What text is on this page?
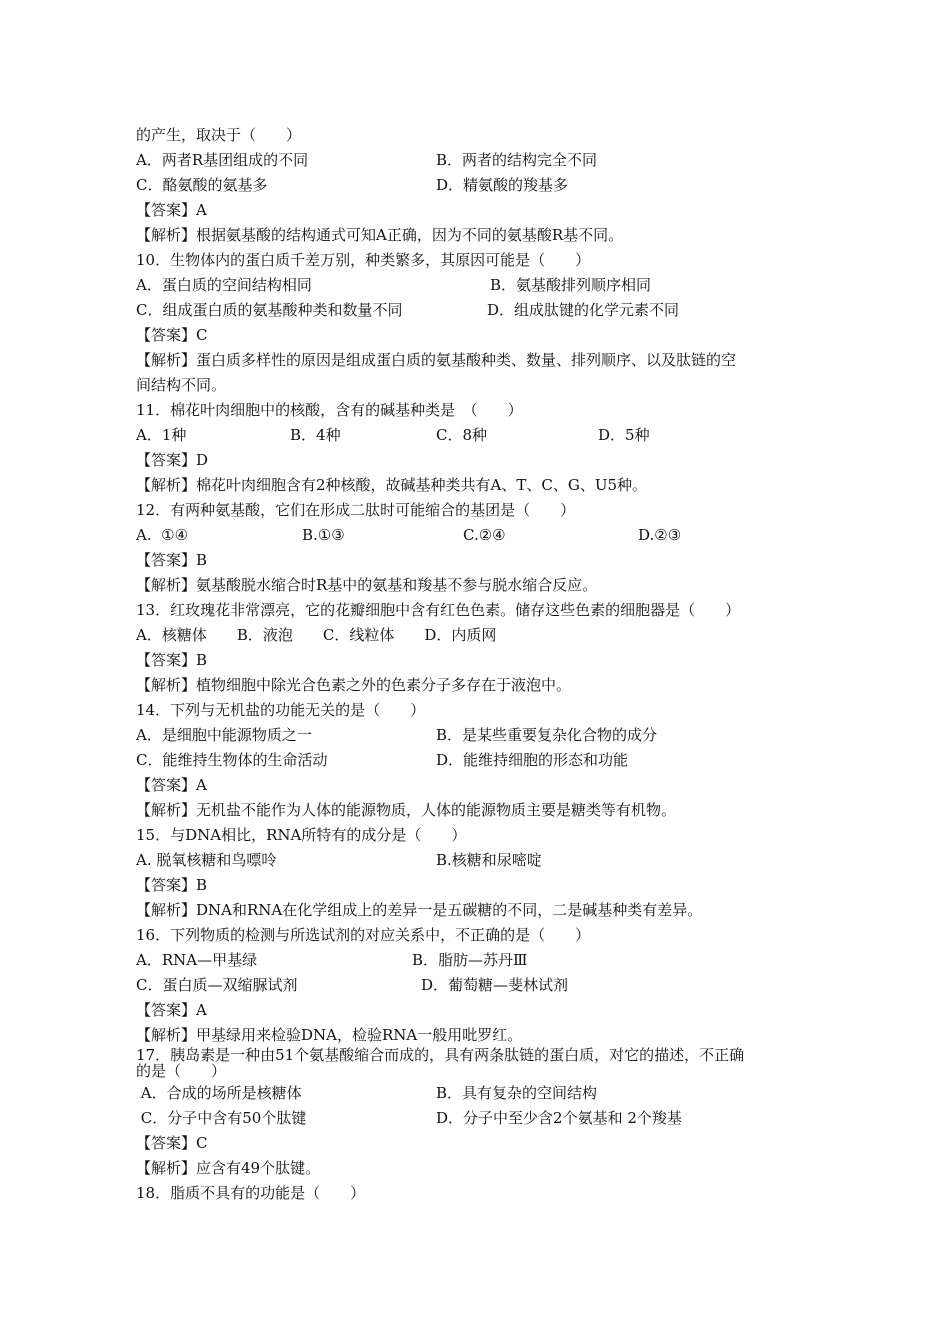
的产生，取决于（　　）
A．两者R基团组成的不同	B．两者的结构完全不同
C．酪氨酸的氨基多	D．精氨酸的羧基多
【答案】A
【解析】根据氨基酸的结构通式可知A正确，因为不同的氨基酸R基不同。
10．生物体内的蛋白质千差万别，种类繁多，其原因可能是（　　）
A．蛋白质的空间结构相同	B．氨基酸排列顺序相同
C．组成蛋白质的氨基酸种类和数量不同	D．组成肽键的化学元素不同
【答案】C
【解析】蛋白质多样性的原因是组成蛋白质的氨基酸种类、数量、排列顺序、以及肽链的空
间结构不同。
11．棉花叶肉细胞中的核酸，含有的碱基种类是　（　　）
A．1种	B．4种	C．8种	D．5种
【答案】D
【解析】棉花叶肉细胞含有2种核酸，故碱基种类共有A、T、C、G、U5种。
12．有两种氨基酸，它们在形成二肽时可能缩合的基团是（　　）
A.  ①④	B.①③	C.②④	D.②③
【答案】B
【解析】氨基酸脱水缩合时R基中的氨基和羧基不参与脱水缩合反应。
13．红玫瑰花非常漂亮，它的花瓣细胞中含有红色色素。储存这些色素的细胞器是（　　）
A．核糖体　　B．液泡　　C．线粒体　　D．内质网
【答案】B
【解析】植物细胞中除光合色素之外的色素分子多存在于液泡中。
14．下列与无机盐的功能无关的是（　　）
A．是细胞中能源物质之一	B．是某些重要复杂化合物的成分
C．能维持生物体的生命活动	D．能维持细胞的形态和功能
【答案】A
【解析】无机盐不能作为人体的能源物质，人体的能源物质主要是糖类等有机物。
15．与DNA相比，RNA所特有的成分是（　　）
A. 脱氧核糖和鸟嘌呤	B.核糖和尿嘧啶
【答案】B
【解析】DNA和RNA在化学组成上的差异一是五碳糖的不同，二是碱基种类有差异。
16．下列物质的检测与所选试剂的对应关系中，不正确的是（　　）
A．RNA—甲基绿	B．脂肪—苏丹Ⅲ
C．蛋白质—双缩脲试剂	D．葡萄糖—斐林试剂
【答案】A
【解析】甲基绿用来检验DNA，检验RNA一般用吡罗红。
17．胰岛素是一种由51个氨基酸缩合而成的，具有两条肽链的蛋白质，对它的描述，不正确
的是（　　）
A．合成的场所是核糖体	B．具有复杂的空间结构
C．分子中含有50个肽键	D．分子中至少含2个氨基和 2个羧基
【答案】C
【解析】应含有49个肽键。
18．脂质不具有的功能是（　　）
